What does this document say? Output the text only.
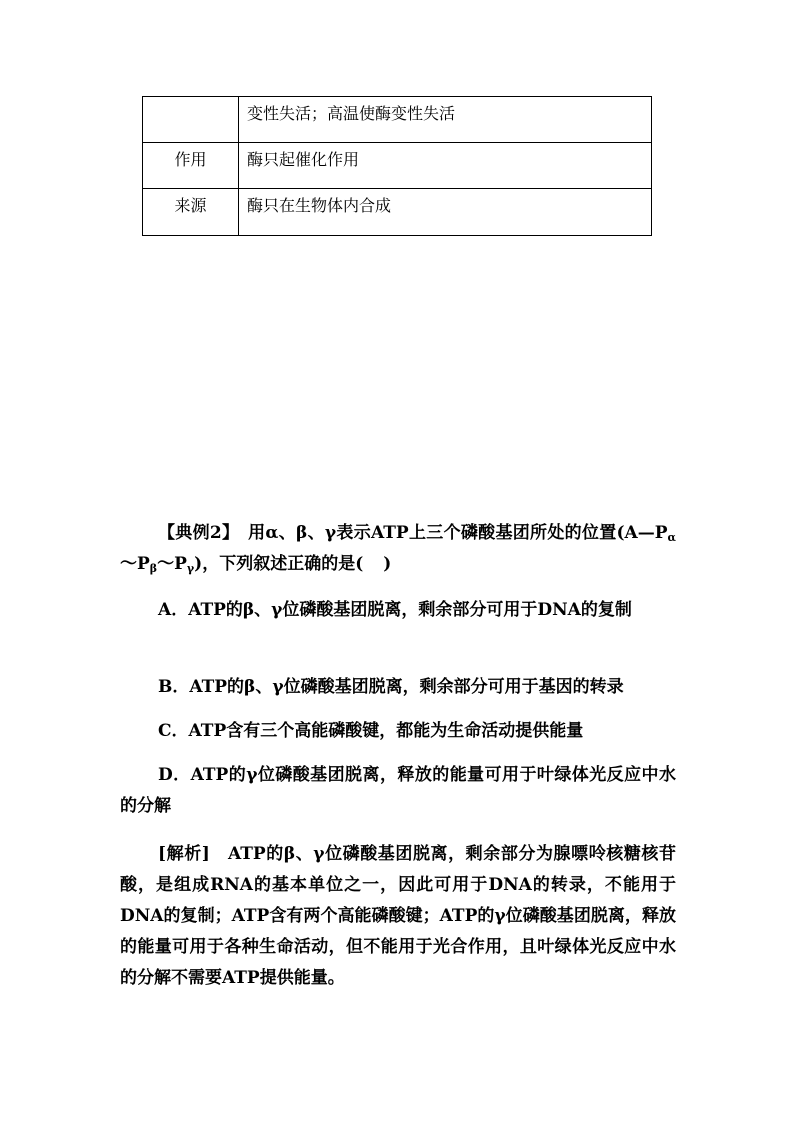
	变性失活；高温使酶变性失活
作用	酶只起催化作用
来源	酶只在生物体内合成
【典例2】　 用α、β、γ表示ATP上三个磷酸基团所处的位置$(A—P_\alpha\sim P_\beta\sim P_\gamma)$，下列叙述正确的是( )
A．ATP的β、γ位磷酸基团脱离，剩余部分可用于DNA的复制
B．ATP的β、γ位磷酸基团脱离，剩余部分可用于基因的转录
C．ATP含有三个高能磷酸键，都能为生命活动提供能量
D．ATP的γ位磷酸基团脱离，释放的能量可用于叶绿体光反应中水的分解
[解析]　 ATP的β、γ位磷酸基团脱离，剩余部分为腺嘌呤核糖核苷酸，是组成RNA的基本单位之一，因此可用于DNA的转录，不能用于DNA的复制；ATP含有两个高能磷酸键；ATP的γ位磷酸基团脱离，释放的能量可用于各种生命活动，但不能用于光合作用，且叶绿体光反应中水的分解不需要ATP提供能量。
